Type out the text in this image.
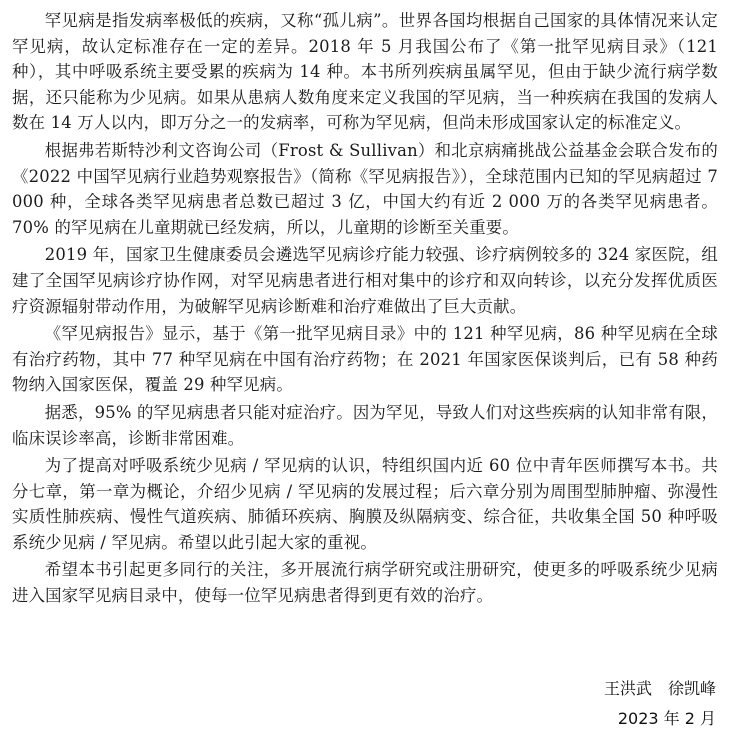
罕见病是指发病率极低的疾病，又称“孤儿病”。世界各国均根据自己国家的具体情况来认定罕见病，故认定标准存在一定的差异。2018 年 5 月我国公布了《第一批罕见病目录》（121 种），其中呼吸系统主要受累的疾病为 14 种。本书所列疾病虽属罕见，但由于缺少流行病学数据，还只能称为少见病。如果从患病人数角度来定义我国的罕见病，当一种疾病在我国的发病人数在 14 万人以内，即万分之一的发病率，可称为罕见病，但尚未形成国家认定的标准定义。

根据弗若斯特沙利文咨询公司（Frost & Sullivan）和北京病痛挑战公益基金会联合发布的《2022 中国罕见病行业趋势观察报告》（简称《罕见病报告》），全球范围内已知的罕见病超过 7 000 种，全球各类罕见病患者总数已超过 3 亿，中国大约有近 2 000 万的各类罕见病患者。70% 的罕见病在儿童期就已经发病，所以，儿童期的诊断至关重要。

2019 年，国家卫生健康委员会遴选罕见病诊疗能力较强、诊疗病例较多的 324 家医院，组建了全国罕见病诊疗协作网，对罕见病患者进行相对集中的诊疗和双向转诊，以充分发挥优质医疗资源辐射带动作用，为破解罕见病诊断难和治疗难做出了巨大贡献。

《罕见病报告》显示，基于《第一批罕见病目录》中的 121 种罕见病，86 种罕见病在全球有治疗药物，其中 77 种罕见病在中国有治疗药物；在 2021 年国家医保谈判后，已有 58 种药物纳入国家医保，覆盖 29 种罕见病。

据悉，95% 的罕见病患者只能对症治疗。因为罕见，导致人们对这些疾病的认知非常有限，临床误诊率高，诊断非常困难。

为了提高对呼吸系统少见病 / 罕见病的认识，特组织国内近 60 位中青年医师撰写本书。共分七章，第一章为概论，介绍少见病 / 罕见病的发展过程；后六章分别为周围型肺肿瘤、弥漫性实质性肺疾病、慢性气道疾病、肺循环疾病、胸膜及纵隔病变、综合征，共收集全国 50 种呼吸系统少见病 / 罕见病。希望以此引起大家的重视。

希望本书引起更多同行的关注，多开展流行病学研究或注册研究，使更多的呼吸系统少见病进入国家罕见病目录中，使每一位罕见病患者得到更有效的治疗。

王洪武　徐凯峰
2023 年 2 月
